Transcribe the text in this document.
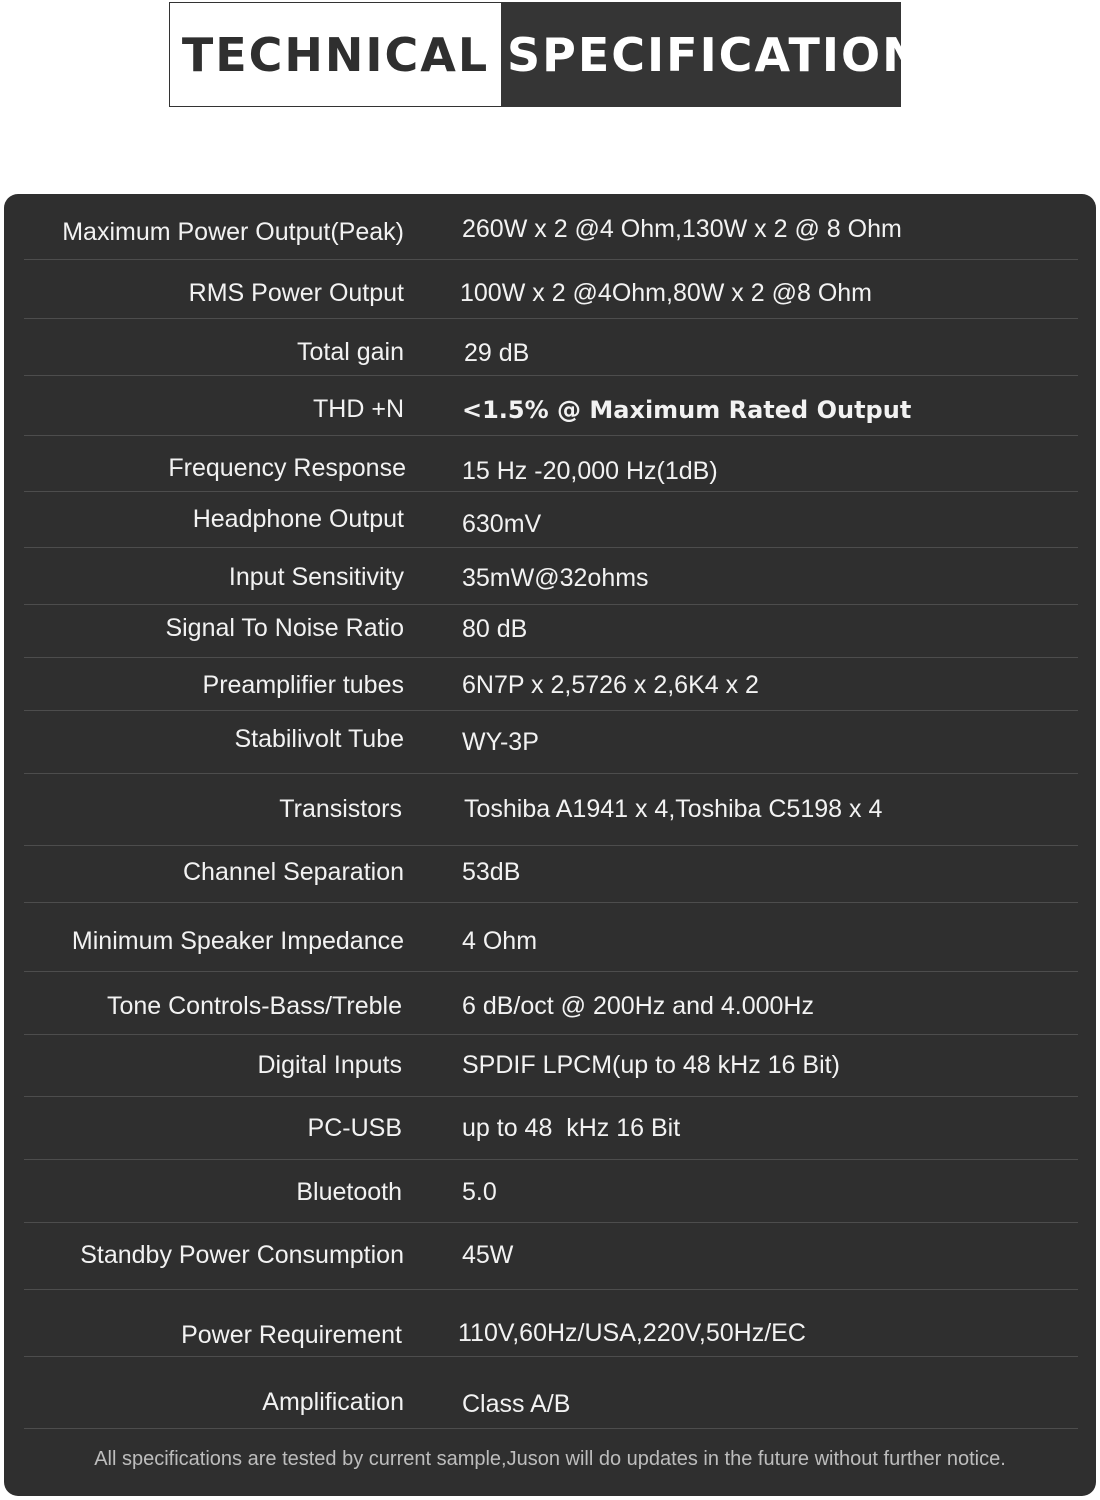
TECHNICAL SPECIFICATION
Maximum Power Output(Peak) 260W x 2 @4 Ohm,130W x 2 @ 8 Ohm
RMS Power Output 100W x 2 @4Ohm,80W x 2 @8 Ohm
Total gain 29 dB
THD +N <1.5% @ Maximum Rated Output
Frequency Response 15 Hz -20,000 Hz(1dB)
Headphone Output 630mV
Input Sensitivity 35mW@32ohms
Signal To Noise Ratio 80 dB
Preamplifier tubes 6N7P x 2,5726 x 2,6K4 x 2
Stabilivolt Tube WY-3P
Transistors Toshiba A1941 x 4,Toshiba C5198 x 4
Channel Separation 53dB
Minimum Speaker Impedance 4 Ohm
Tone Controls-Bass/Treble 6 dB/oct @ 200Hz and 4.000Hz
Digital Inputs SPDIF LPCM(up to 48 kHz 16 Bit)
PC-USB up to 48  kHz 16 Bit
Bluetooth 5.0
Standby Power Consumption 45W
Power Requirement 110V,60Hz/USA,220V,50Hz/EC
Amplification Class A/B
All specifications are tested by current sample,Juson will do updates in the future without further notice.
